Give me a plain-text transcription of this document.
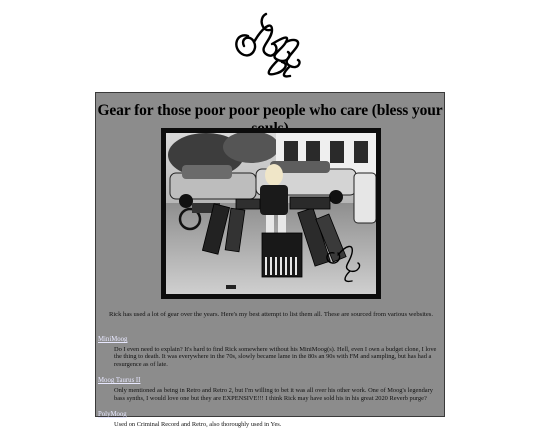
Gear for those poor poor people who care (bless your

Rick has used a lot of gear over the years. Here's my best attempt to list them all. These are sourced from various websites.

MiniMoog

Do I even need to explain? It's hard to find Rick somewhere without his MiniMoog(s). Hell, even I own a budget clone, I love the thing to death. It was everywhere in the 70s, slowly became lame in the 80s an 90s with FM and sampling, but has had a resurgence as of late.

Moog Taurus II

Only mentioned as being in Retro and Retro 2, but I'm willing to bet it was all over his other work. One of Moog's legendary bass synths, I would love one but they are EXPENSIVE!!! I think Rick may have sold his in his great 2020 Reverb purge?

PolyMoog

Used on Criminal Record and Retro, also thoroughly used in Yes.
